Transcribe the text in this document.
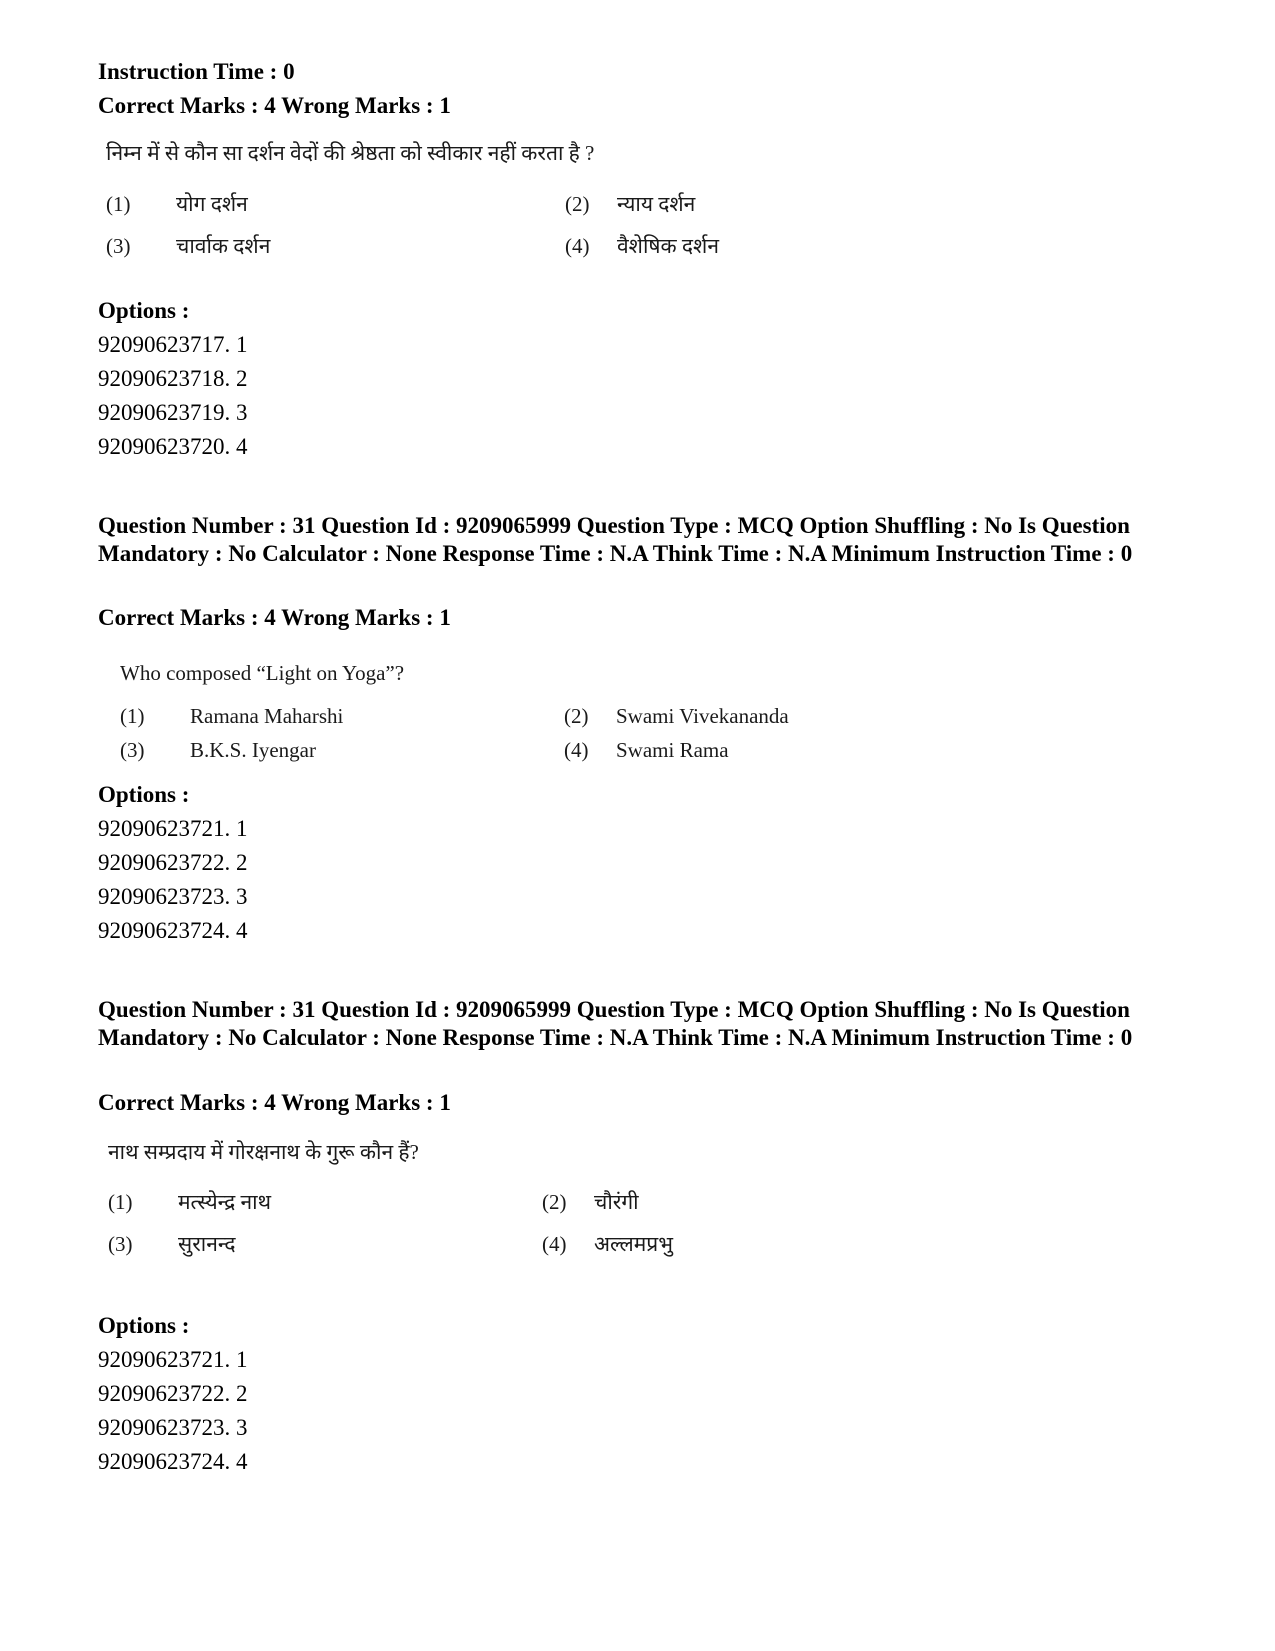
Instruction Time : 0
Correct Marks : 4 Wrong Marks : 1
निम्न में से कौन सा दर्शन वेदों की श्रेष्ठता को स्वीकार नहीं करता है ?
(1) योग दर्शन	(2) न्याय दर्शन
(3) चार्वाक दर्शन	(4) वैशेषिक दर्शन
Options :
92090623717. 1
92090623718. 2
92090623719. 3
92090623720. 4
Question Number : 31 Question Id : 9209065999 Question Type : MCQ Option Shuffling : No Is Question Mandatory : No Calculator : None Response Time : N.A Think Time : N.A Minimum Instruction Time : 0
Correct Marks : 4 Wrong Marks : 1
Who composed “Light on Yoga”?
(1) Ramana Maharshi	(2) Swami Vivekananda
(3) B.K.S. Iyengar	(4) Swami Rama
Options :
92090623721. 1
92090623722. 2
92090623723. 3
92090623724. 4
Question Number : 31 Question Id : 9209065999 Question Type : MCQ Option Shuffling : No Is Question Mandatory : No Calculator : None Response Time : N.A Think Time : N.A Minimum Instruction Time : 0
Correct Marks : 4 Wrong Marks : 1
नाथ सम्प्रदाय में गोरक्षनाथ के गुरू कौन हैं?
(1) मत्स्येन्द्र नाथ	(2) चौरंगी
(3) सुरानन्द	(4) अल्लमप्रभु
Options :
92090623721. 1
92090623722. 2
92090623723. 3
92090623724. 4
